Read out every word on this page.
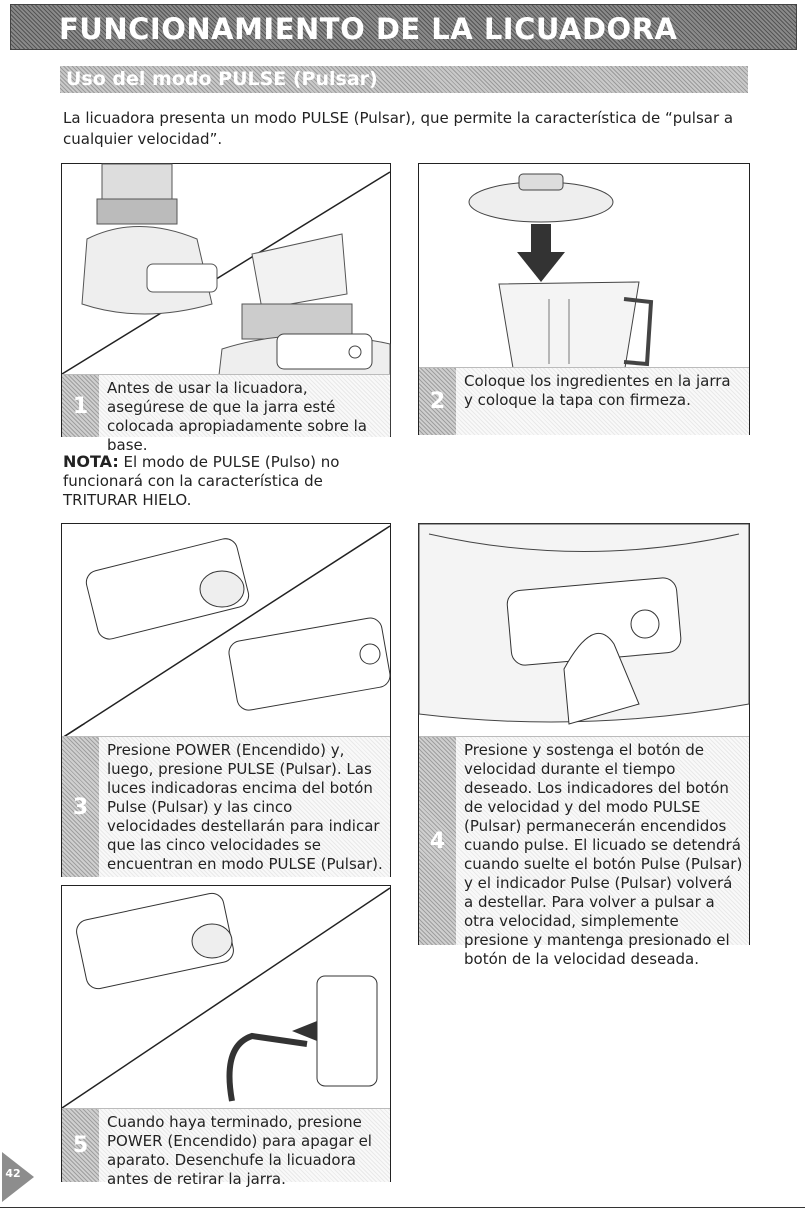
FUNCIONAMIENTO DE LA LICUADORA
Uso del modo PULSE (Pulsar)
La licuadora presenta un modo PULSE (Pulsar), que permite la característica de “pulsar a cualquier velocidad”.
1
Antes de usar la licuadora, asegúrese de que la jarra esté colocada apropiadamente sobre la base.
2
Coloque los ingredientes en la jarra y coloque la tapa con firmeza.
NOTA: El modo de PULSE (Pulso) no funcionará con la característica de TRITURAR HIELO.
3
Presione POWER (Encendido) y, luego, presione PULSE (Pulsar). Las luces indicadoras encima del botón Pulse (Pulsar) y las cinco velocidades destellarán para indicar que las cinco velocidades se encuentran en modo PULSE (Pulsar).
4
Presione y sostenga el botón de velocidad durante el tiempo deseado. Los indicadores del botón de velocidad y del modo PULSE (Pulsar) permanecerán encendidos cuando pulse. El licuado se detendrá cuando suelte el botón Pulse (Pulsar) y el indicador Pulse (Pulsar) volverá a destellar. Para volver a pulsar a otra velocidad, simplemente presione y mantenga presionado el botón de la velocidad deseada.
5
Cuando haya terminado, presione POWER (Encendido) para apagar el aparato. Desenchufe la licuadora antes de retirar la jarra.
42
